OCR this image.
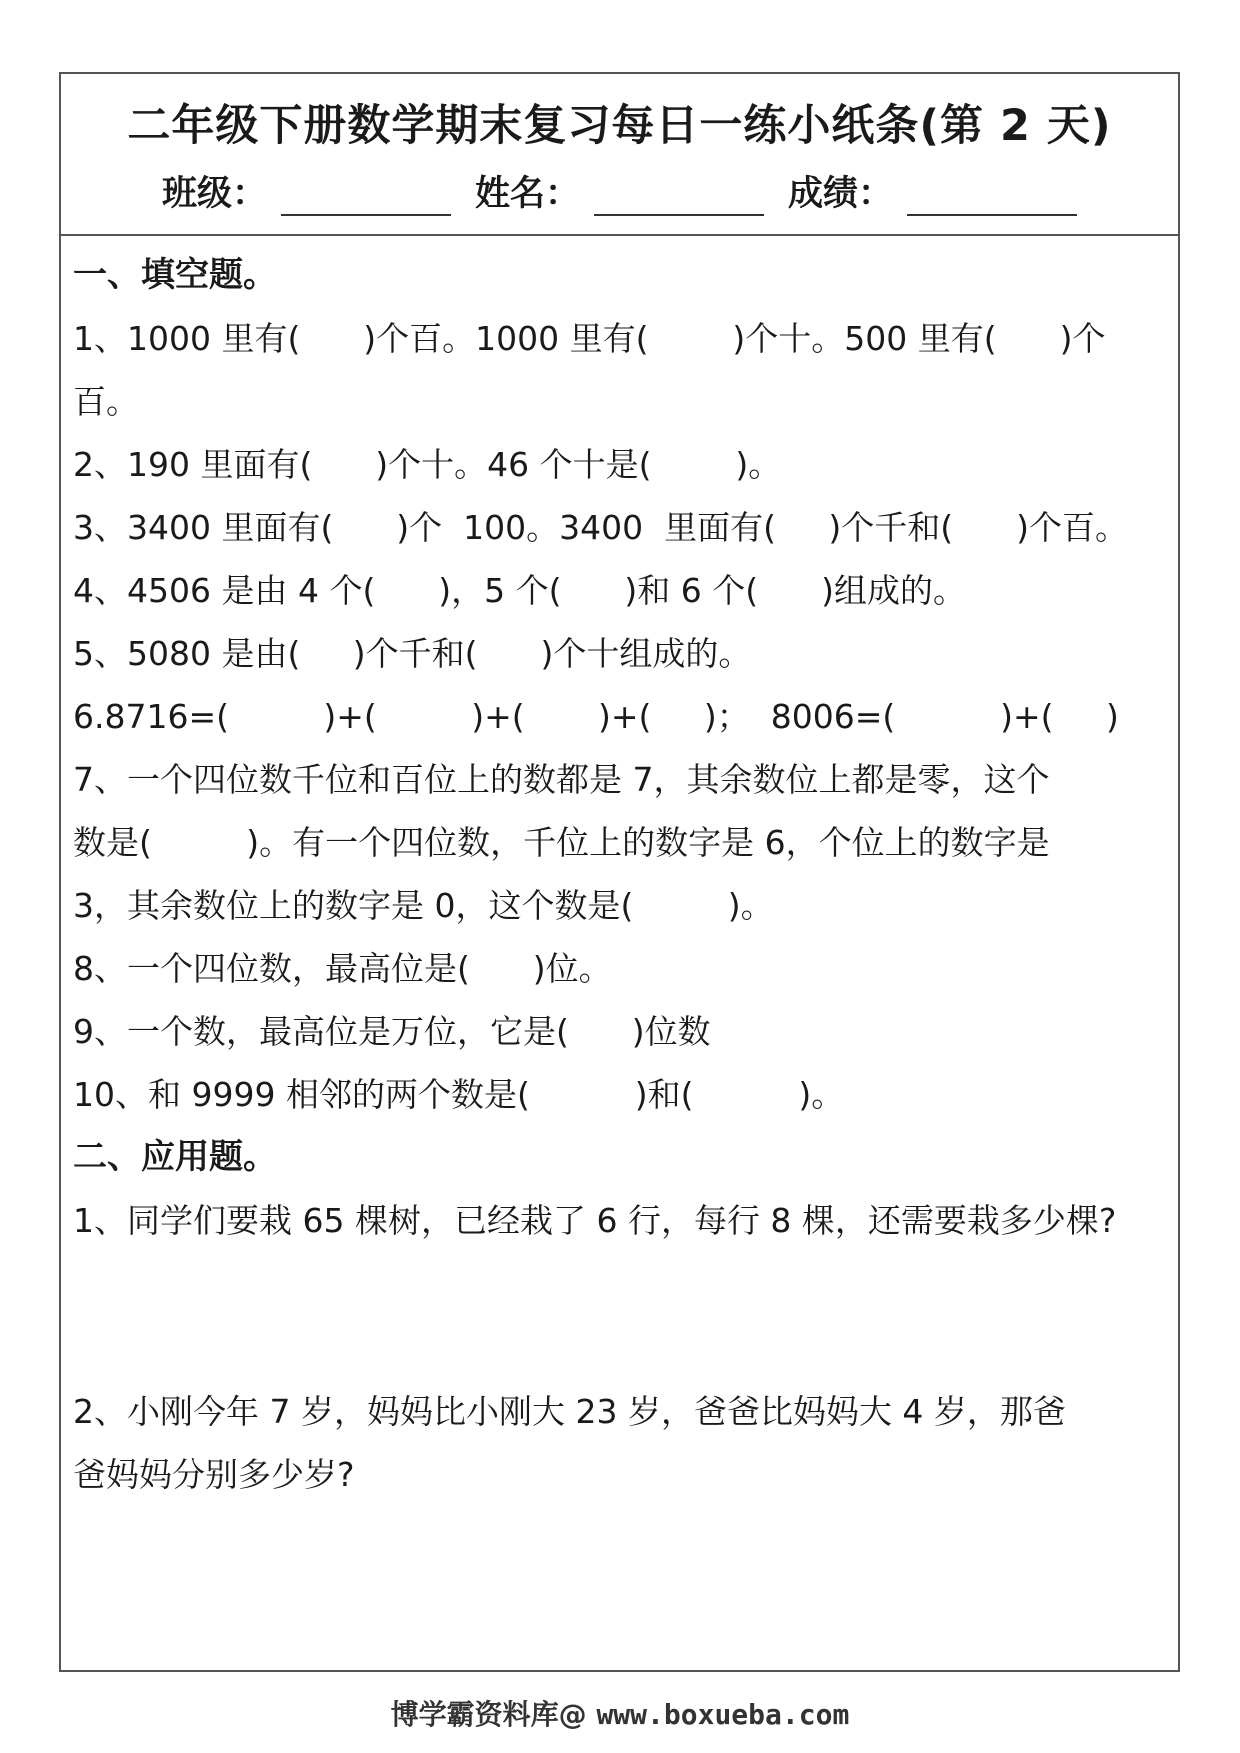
二年级下册数学期末复习每日一练小纸条(第 2 天)
班级：	姓名：	成绩：
一、填空题。
1、1000 里有(      )个百。1000 里有(        )个十。500 里有(      )个
百。
2、190 里面有(      )个十。46 个十是(        )。
3、3400 里面有(      )个  100。3400  里面有(     )个千和(      )个百。
4、4506 是由 4 个(      )，5 个(      )和 6 个(      )组成的。
5、5080 是由(     )个千和(      )个十组成的。
6.8716=(         )+(         )+(       )+(     )；  8006=(          )+(     )
7、一个四位数千位和百位上的数都是 7，其余数位上都是零，这个
数是(         )。有一个四位数，千位上的数字是 6，个位上的数字是
3，其余数位上的数字是 0，这个数是(         )。
8、一个四位数，最高位是(      )位。
9、一个数，最高位是万位，它是(      )位数
10、和 9999 相邻的两个数是(          )和(          )。
二、应用题。
1、同学们要栽 65 棵树，已经栽了 6 行，每行 8 棵，还需要栽多少棵?
2、小刚今年 7 岁，妈妈比小刚大 23 岁，爸爸比妈妈大 4 岁，那爸
爸妈妈分别多少岁?
博学霸资料库@ www.boxueba.com
